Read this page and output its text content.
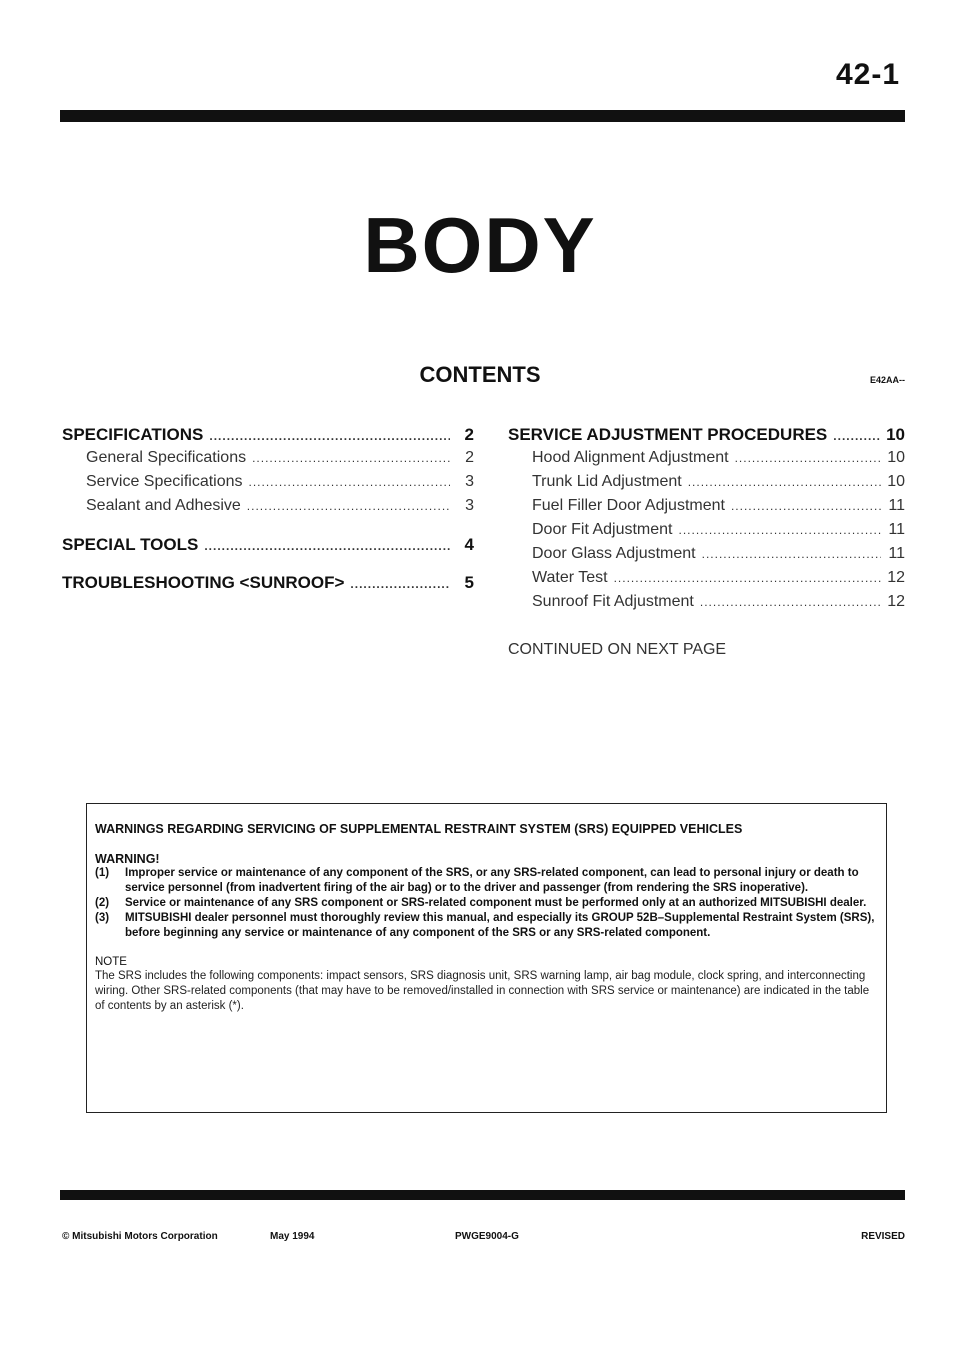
42-1
BODY
CONTENTS	E42AA--
SPECIFICATIONS .....	2
General Specifications .....	2
Service Specifications .....	3
Sealant and Adhesive .....	3
SPECIAL TOOLS .....	4
TROUBLESHOOTING <SUNROOF> .....	5
SERVICE ADJUSTMENT PROCEDURES .....	10
Hood Alignment Adjustment .....	10
Trunk Lid Adjustment .....	10
Fuel Filler Door Adjustment .....	11
Door Fit Adjustment .....	11
Door Glass Adjustment .....	11
Water Test .....	12
Sunroof Fit Adjustment .....	12
CONTINUED ON NEXT PAGE
WARNINGS REGARDING SERVICING OF SUPPLEMENTAL RESTRAINT SYSTEM (SRS) EQUIPPED VEHICLES
WARNING!
(1)	Improper service or maintenance of any component of the SRS, or any SRS-related component, can lead to personal injury or death to service personnel (from inadvertent firing of the air bag) or to the driver and passenger (from rendering the SRS inoperative).
(2)	Service or maintenance of any SRS component or SRS-related component must be performed only at an authorized MITSUBISHI dealer.
(3)	MITSUBISHI dealer personnel must thoroughly review this manual, and especially its GROUP 52B–Supplemental Restraint System (SRS), before beginning any service or maintenance of any component of the SRS or any SRS-related component.
NOTE
The SRS includes the following components: impact sensors, SRS diagnosis unit, SRS warning lamp, air bag module, clock spring, and interconnecting wiring. Other SRS-related components (that may have to be removed/installed in connection with SRS service or maintenance) are indicated in the table of contents by an asterisk (*).
© Mitsubishi Motors Corporation	May 1994	PWGE9004-G	REVISED
